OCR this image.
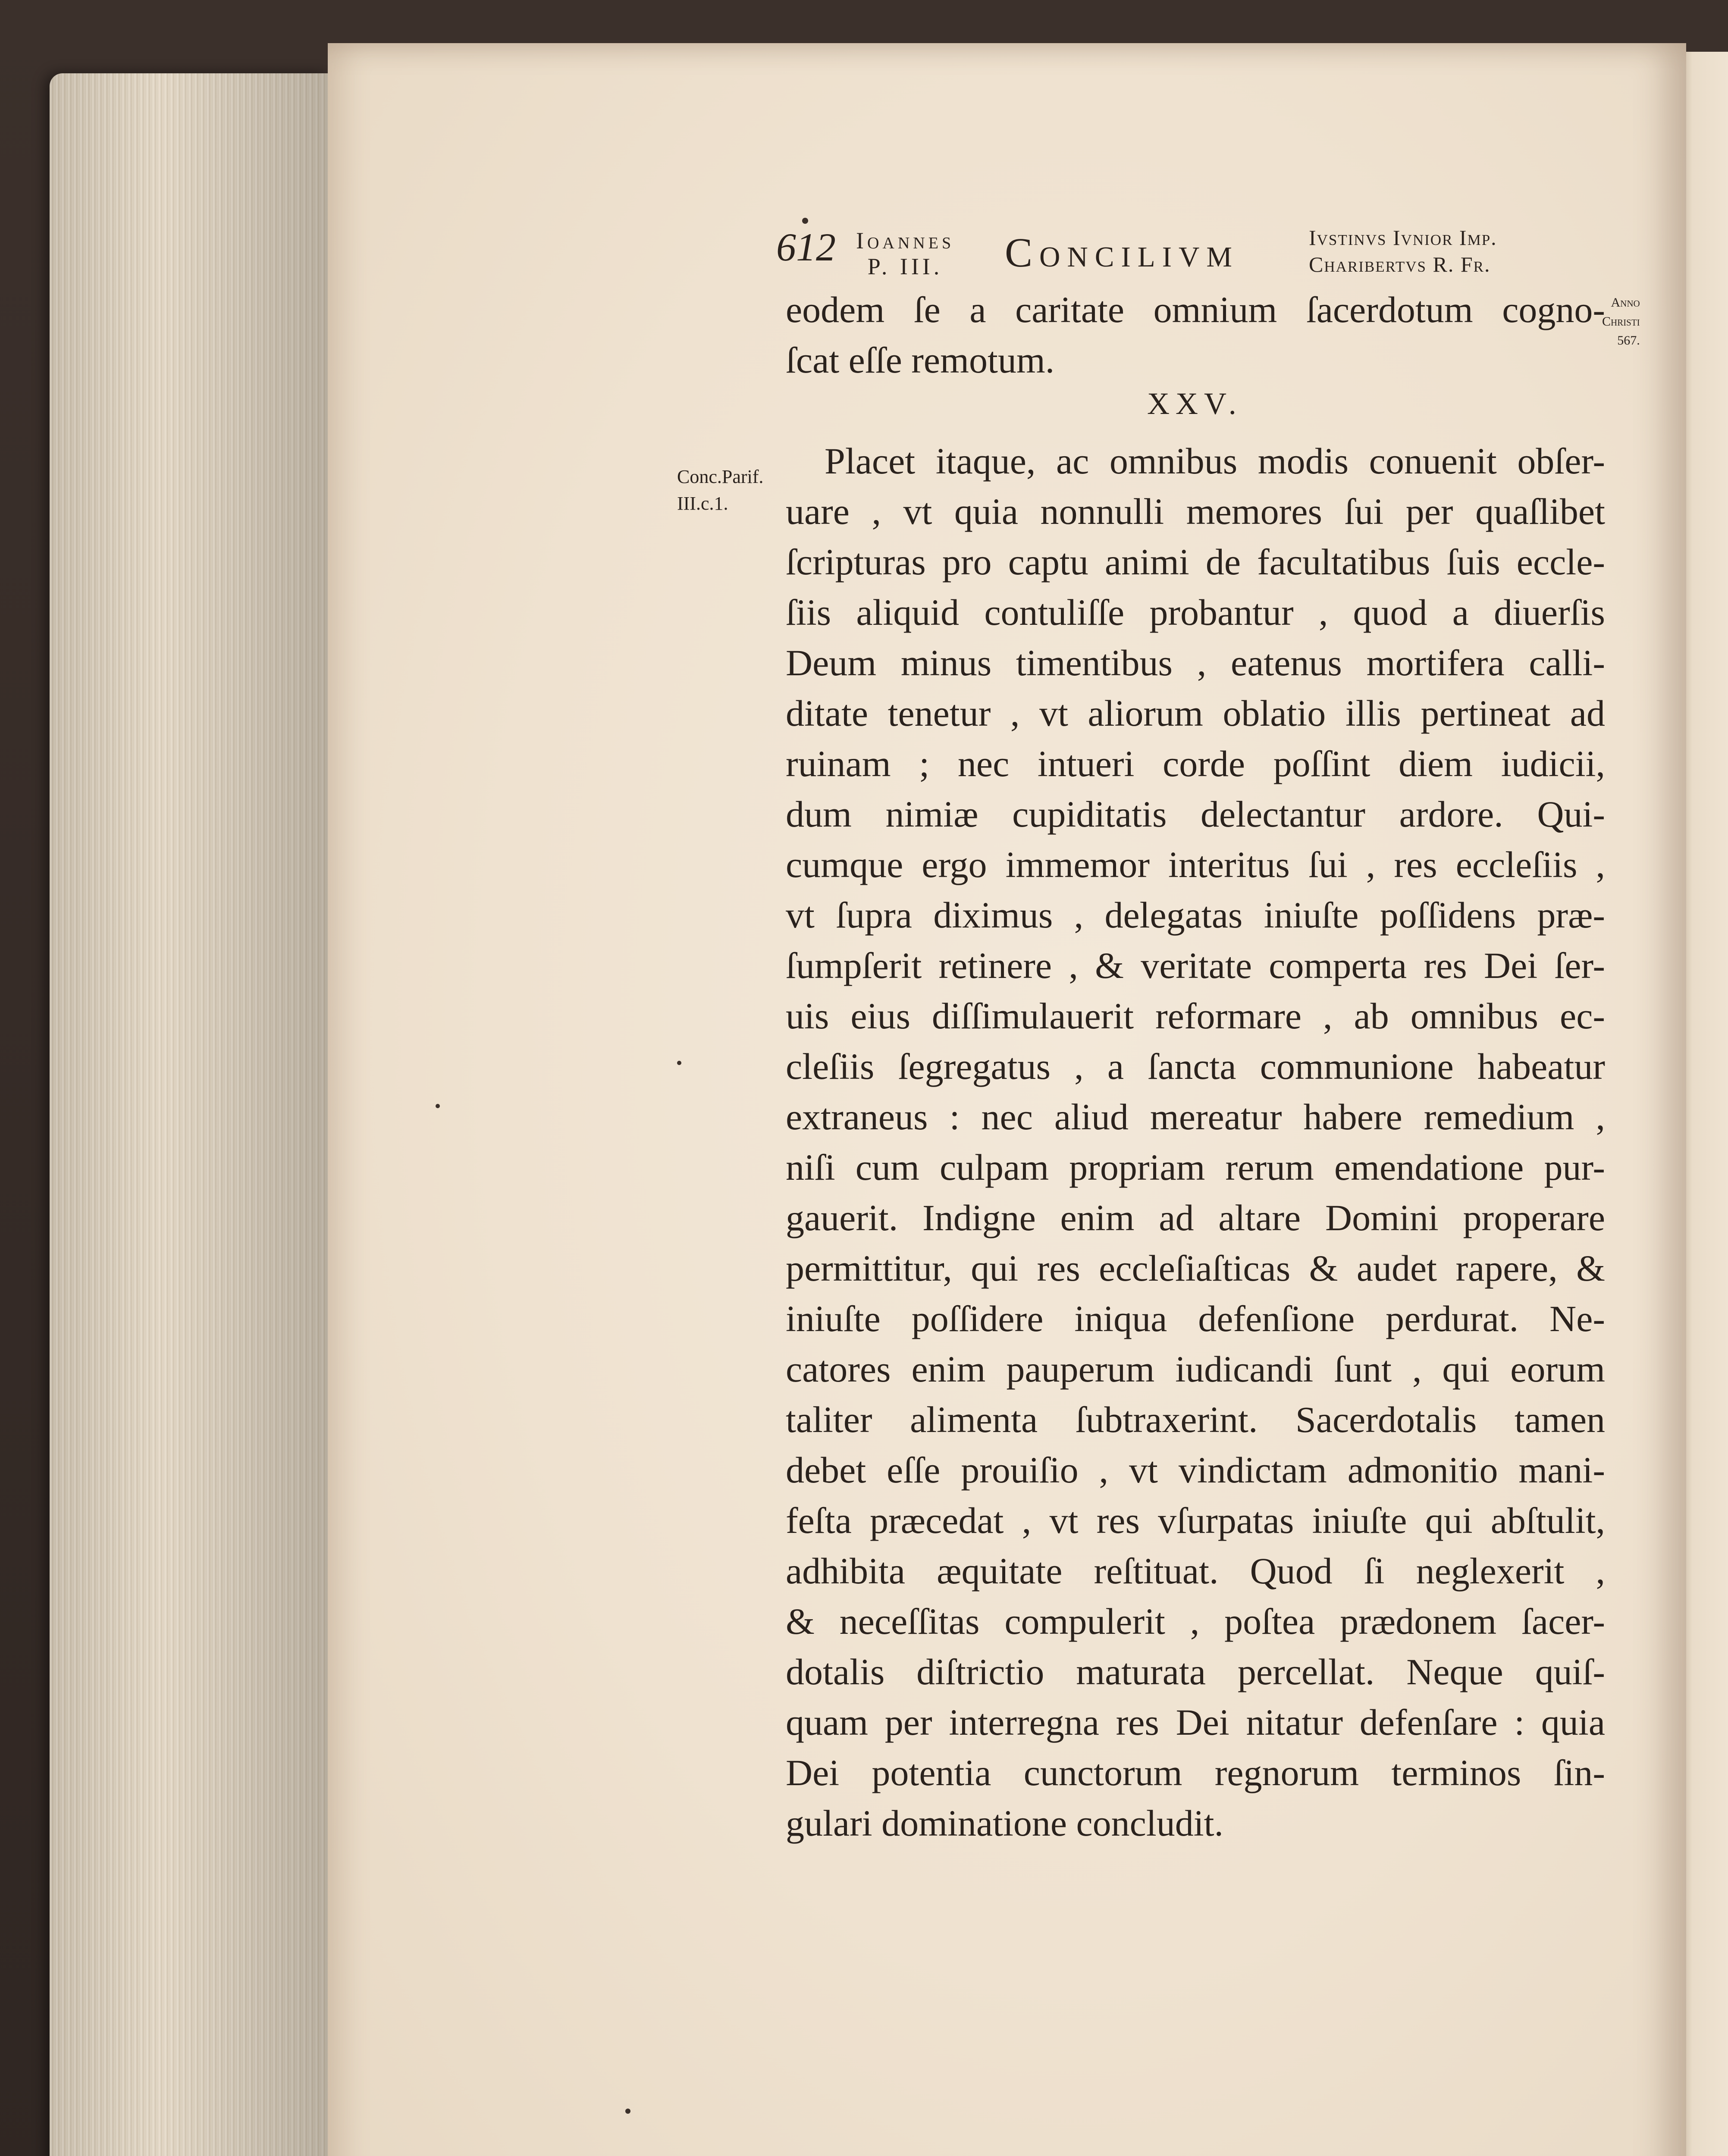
612 Ioannes
P. III. Concilivm	Ivstinvs Ivnior Imp.
Charibertvs R. Fr.
Anno
Christi
567.
Conc.Parif.
III.c.1.
eodem ſe a caritate omnium ſacerdotum cogno-
ſcat eſſe remotum.
Placet itaque, ac omnibus modis conuenit obſer-
uare , vt quia nonnulli memores ſui per quaſlibet
ſcripturas pro captu animi de facultatibus ſuis eccle-
ſiis aliquid contuliſſe probantur , quod a diuerſis
Deum minus timentibus , eatenus mortifera calli-
ditate tenetur , vt aliorum oblatio illis pertineat ad
ruinam ; nec intueri corde poſſint diem iudicii,
dum nimiæ cupiditatis delectantur ardore. Qui-
cumque ergo immemor interitus ſui , res eccleſiis ,
vt ſupra diximus , delegatas iniuſte poſſidens præ-
ſumpſerit retinere , & veritate comperta res Dei ſer-
uis eius diſſimulauerit reformare , ab omnibus ec-
cleſiis ſegregatus , a ſancta communione habeatur
extraneus : nec aliud mereatur habere remedium ,
niſi cum culpam propriam rerum emendatione pur-
gauerit. Indigne enim ad altare Domini properare
permittitur, qui res eccleſiaſticas & audet rapere, &
iniuſte poſſidere iniqua defenſione perdurat. Ne-
catores enim pauperum iudicandi ſunt , qui eorum
taliter alimenta ſubtraxerint. Sacerdotalis tamen
debet eſſe prouiſio , vt vindictam admonitio mani-
feſta præcedat , vt res vſurpatas iniuſte qui abſtulit,
adhibita æquitate reſtituat. Quod ſi neglexerit ,
& neceſſitas compulerit , poſtea prædonem ſacer-
dotalis diſtrictio maturata percellat. Neque quiſ-
quam per interregna res Dei nitatur defenſare : quia
Dei potentia cunctorum regnorum terminos ſin-
gulari dominatione concludit.
XXV.
